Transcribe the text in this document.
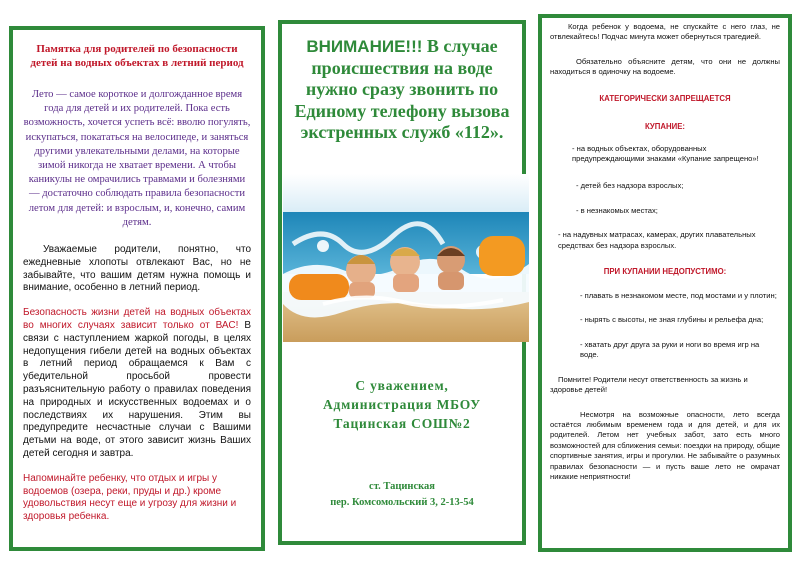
Памятка для родителей по безопасности детей на водных объектах в летний период
Лето — самое короткое и долгожданное время года для детей и их родителей. Пока есть возможность, хочется успеть всё: вволю погулять, искупаться, покататься на велосипеде, и заняться другими увлекательными делами, на которые зимой никогда не хватает времени. А чтобы каникулы не омрачились травмами и болезнями — достаточно соблюдать правила безопасности летом для детей: и взрослым, и, конечно, самим детям.
Уважаемые родители, понятно, что ежедневные хлопоты отвлекают Вас, но не забывайте, что вашим детям нужна помощь и внимание, особенно в летний период.
Безопасность жизни детей на водных объектах во многих случаях зависит только от ВАС! В связи с наступлением жаркой погоды, в целях недопущения гибели детей на водных объектах в летний период обращаемся к Вам с убедительной просьбой провести разъяснительную работу о правилах поведения на природных и искусственных водоемах и о последствиях их нарушения. Этим вы предупредите несчастные случаи с Вашими детьми на воде, от этого зависит жизнь Ваших детей сегодня и завтра.
Напоминайте ребенку, что отдых и игры у водоемов (озера, реки, пруды и др.) кроме удовольствия несут еще и угрозу для жизни и здоровья ребенка.
ВНИМАНИЕ!!! В случае происшествия на воде нужно сразу звонить по Единому телефону вызова экстренных служб «112».
С уважением,
Администрация МБОУ
Тацинская СОШ№2
ст. Тацинская
пер. Комсомольский 3, 2-13-54
Когда ребенок у водоема, не спускайте с него глаз, не отвлекайтесь! Подчас минута может обернуться трагедией.
Обязательно объясните детям, что они не должны находиться в одиночку на водоеме.
КАТЕГОРИЧЕСКИ ЗАПРЕЩАЕТСЯ
КУПАНИЕ:
- на водных объектах, оборудованных предупреждающими знаками «Купание запрещено»!
- детей без надзора взрослых;
- в незнакомых местах;
- на надувных матрасах, камерах, других плавательных средствах без надзора взрослых.
ПРИ КУПАНИИ НЕДОПУСТИМО:
- плавать в незнакомом месте, под мостами и у плотин;
- нырять с высоты, не зная глубины и рельефа дна;
- хватать друг друга за руки и ноги во время игр на воде.
Помните! Родители несут ответственность за жизнь и здоровье детей!
Несмотря на возможные опасности, лето всегда остаётся любимым временем года и для детей, и для их родителей. Летом нет учебных забот, зато есть много возможностей для сближения семьи: поездки на природу, общие спортивные занятия, игры и прогулки. Не забывайте о разумных правилах безопасности — и пусть ваше лето не омрачат никакие неприятности!
